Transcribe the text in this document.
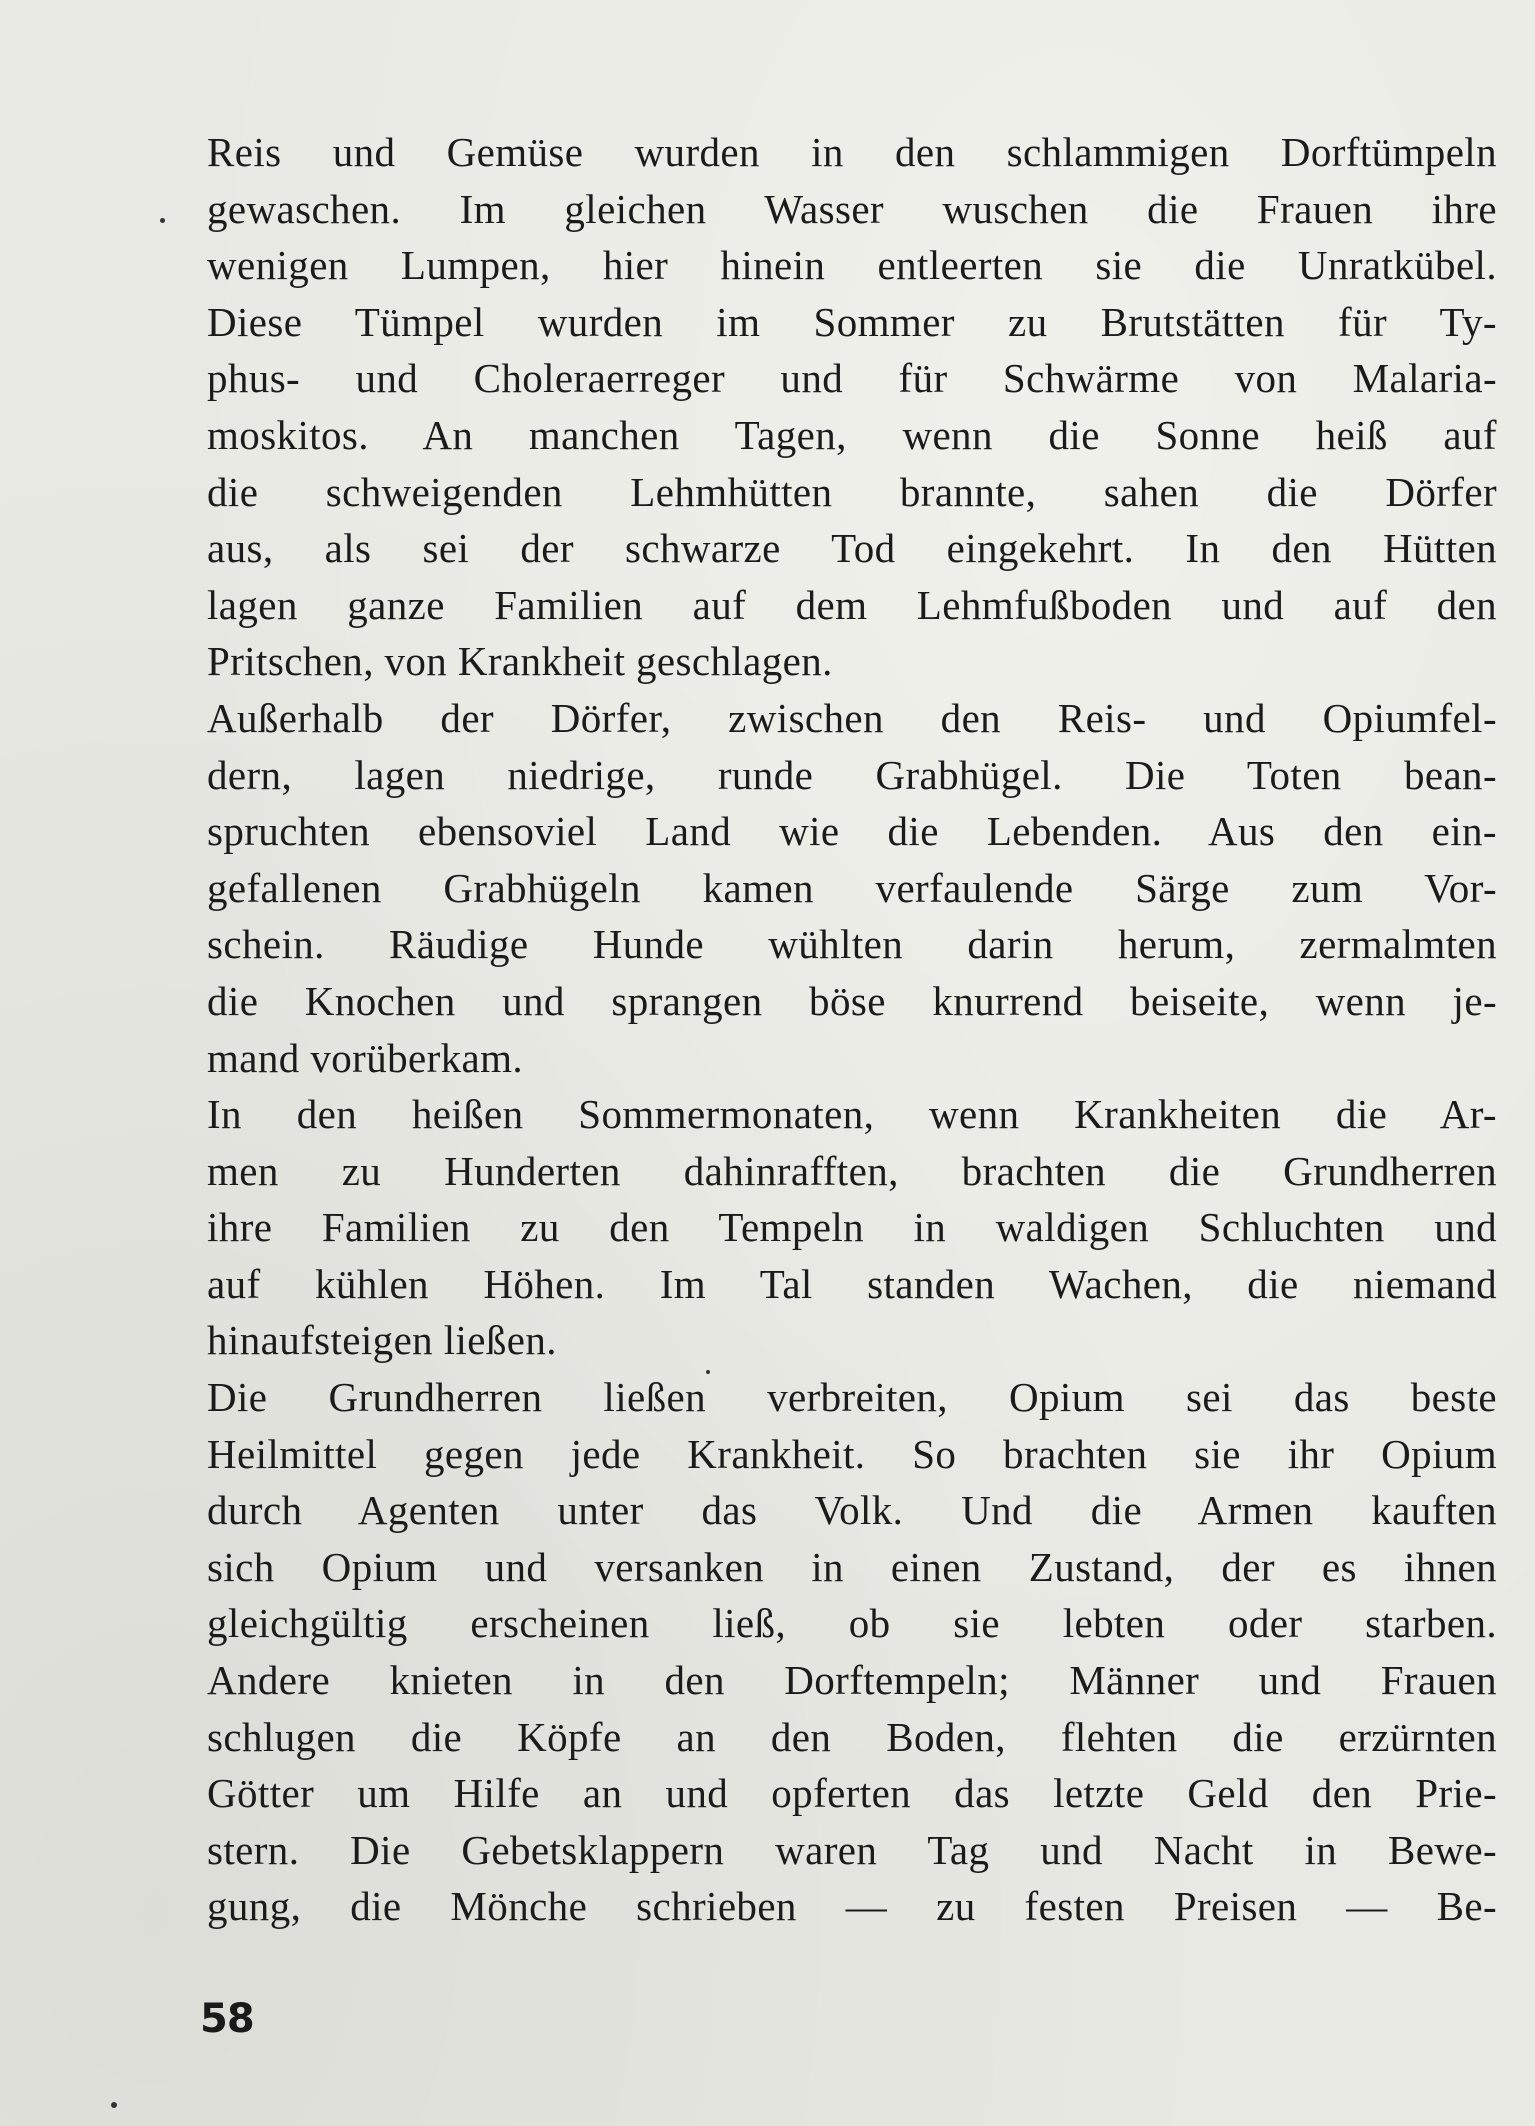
Reis und Gemüse wurden in den schlammigen Dorftümpeln
gewaschen. Im gleichen Wasser wuschen die Frauen ihre
wenigen Lumpen, hier hinein entleerten sie die Unratkübel.
Diese Tümpel wurden im Sommer zu Brutstätten für Ty-
phus- und Choleraerreger und für Schwärme von Malaria-
moskitos. An manchen Tagen, wenn die Sonne heiß auf
die schweigenden Lehmhütten brannte, sahen die Dörfer
aus, als sei der schwarze Tod eingekehrt. In den Hütten
lagen ganze Familien auf dem Lehmfußboden und auf den
Pritschen, von Krankheit geschlagen.
Außerhalb der Dörfer, zwischen den Reis- und Opiumfel-
dern, lagen niedrige, runde Grabhügel. Die Toten bean-
spruchten ebensoviel Land wie die Lebenden. Aus den ein-
gefallenen Grabhügeln kamen verfaulende Särge zum Vor-
schein. Räudige Hunde wühlten darin herum, zermalmten
die Knochen und sprangen böse knurrend beiseite, wenn je-
mand vorüberkam.
In den heißen Sommermonaten, wenn Krankheiten die Ar-
men zu Hunderten dahinrafften, brachten die Grundherren
ihre Familien zu den Tempeln in waldigen Schluchten und
auf kühlen Höhen. Im Tal standen Wachen, die niemand
hinaufsteigen ließen.
Die Grundherren ließen verbreiten, Opium sei das beste
Heilmittel gegen jede Krankheit. So brachten sie ihr Opium
durch Agenten unter das Volk. Und die Armen kauften
sich Opium und versanken in einen Zustand, der es ihnen
gleichgültig erscheinen ließ, ob sie lebten oder starben.
Andere knieten in den Dorftempeln; Männer und Frauen
schlugen die Köpfe an den Boden, flehten die erzürnten
Götter um Hilfe an und opferten das letzte Geld den Prie-
stern. Die Gebetsklappern waren Tag und Nacht in Bewe-
gung, die Mönche schrieben — zu festen Preisen — Be-
58
